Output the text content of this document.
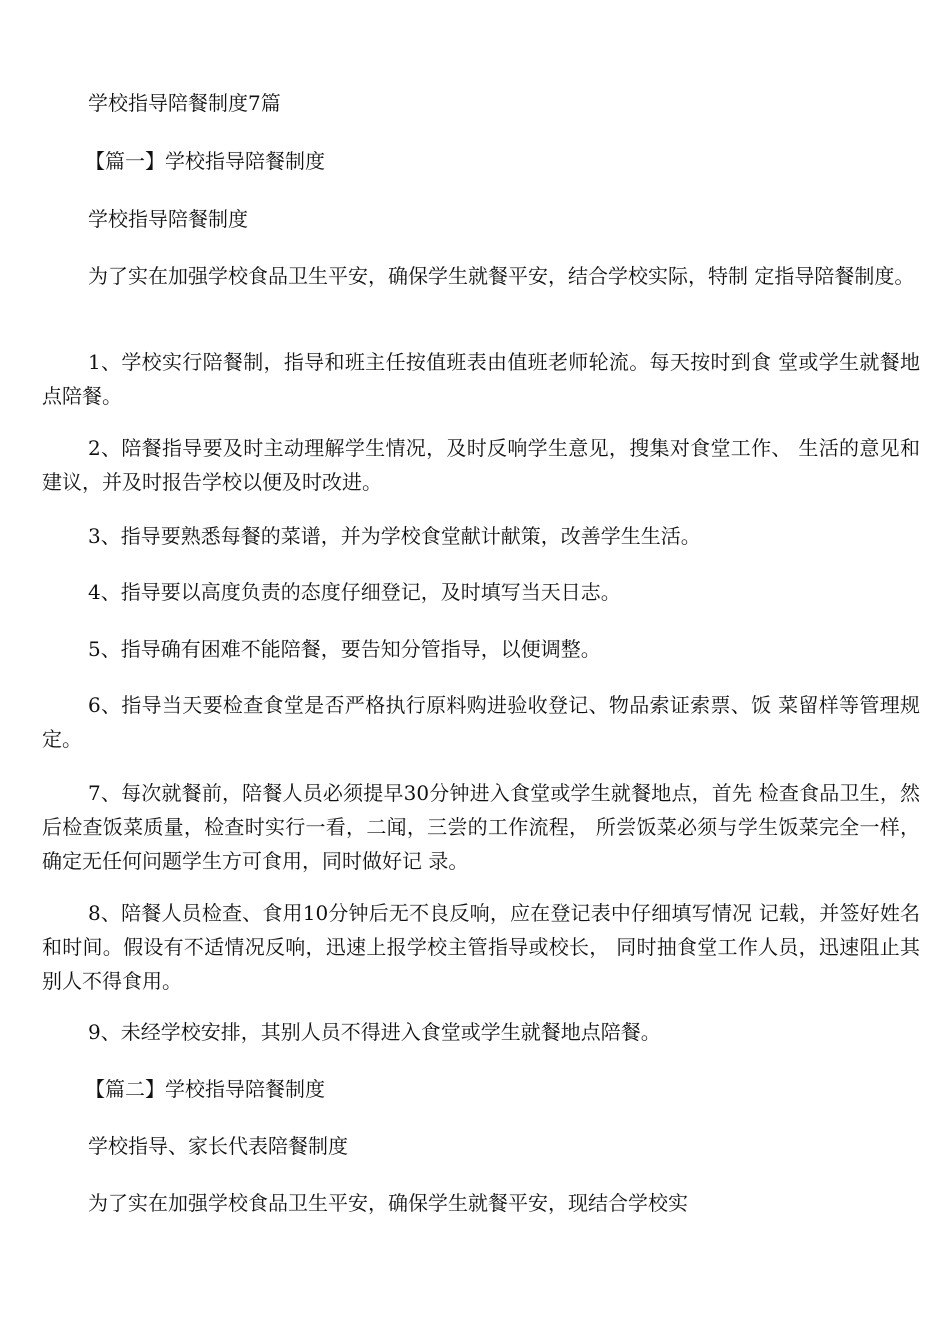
学校指导陪餐制度7篇
【篇一】学校指导陪餐制度
学校指导陪餐制度
为了实在加强学校食品卫生平安，确保学生就餐平安，结合学校实际，特制 定指导陪餐制度。
1、学校实行陪餐制，指导和班主任按值班表由值班老师轮流。每天按时到食 堂或学生就餐地点陪餐。
2、陪餐指导要及时主动理解学生情况，及时反响学生意见，搜集对食堂工作、 生活的意见和建议，并及时报告学校以便及时改进。
3、指导要熟悉每餐的菜谱，并为学校食堂献计献策，改善学生生活。
4、指导要以高度负责的态度仔细登记，及时填写当天日志。
5、指导确有困难不能陪餐，要告知分管指导，以便调整。
6、指导当天要检查食堂是否严格执行原料购进验收登记、物品索证索票、饭 菜留样等管理规定。
7、每次就餐前，陪餐人员必须提早30分钟进入食堂或学生就餐地点，首先 检查食品卫生，然后检查饭菜质量，检查时实行一看，二闻，三尝的工作流程， 所尝饭菜必须与学生饭菜完全一样，确定无任何问题学生方可食用，同时做好记 录。
8、陪餐人员检查、食用10分钟后无不良反响，应在登记表中仔细填写情况 记载，并签好姓名和时间。假设有不适情况反响，迅速上报学校主管指导或校长， 同时抽食堂工作人员，迅速阻止其别人不得食用。
9、未经学校安排，其别人员不得进入食堂或学生就餐地点陪餐。
【篇二】学校指导陪餐制度
学校指导、家长代表陪餐制度
为了实在加强学校食品卫生平安，确保学生就餐平安，现结合学校实
